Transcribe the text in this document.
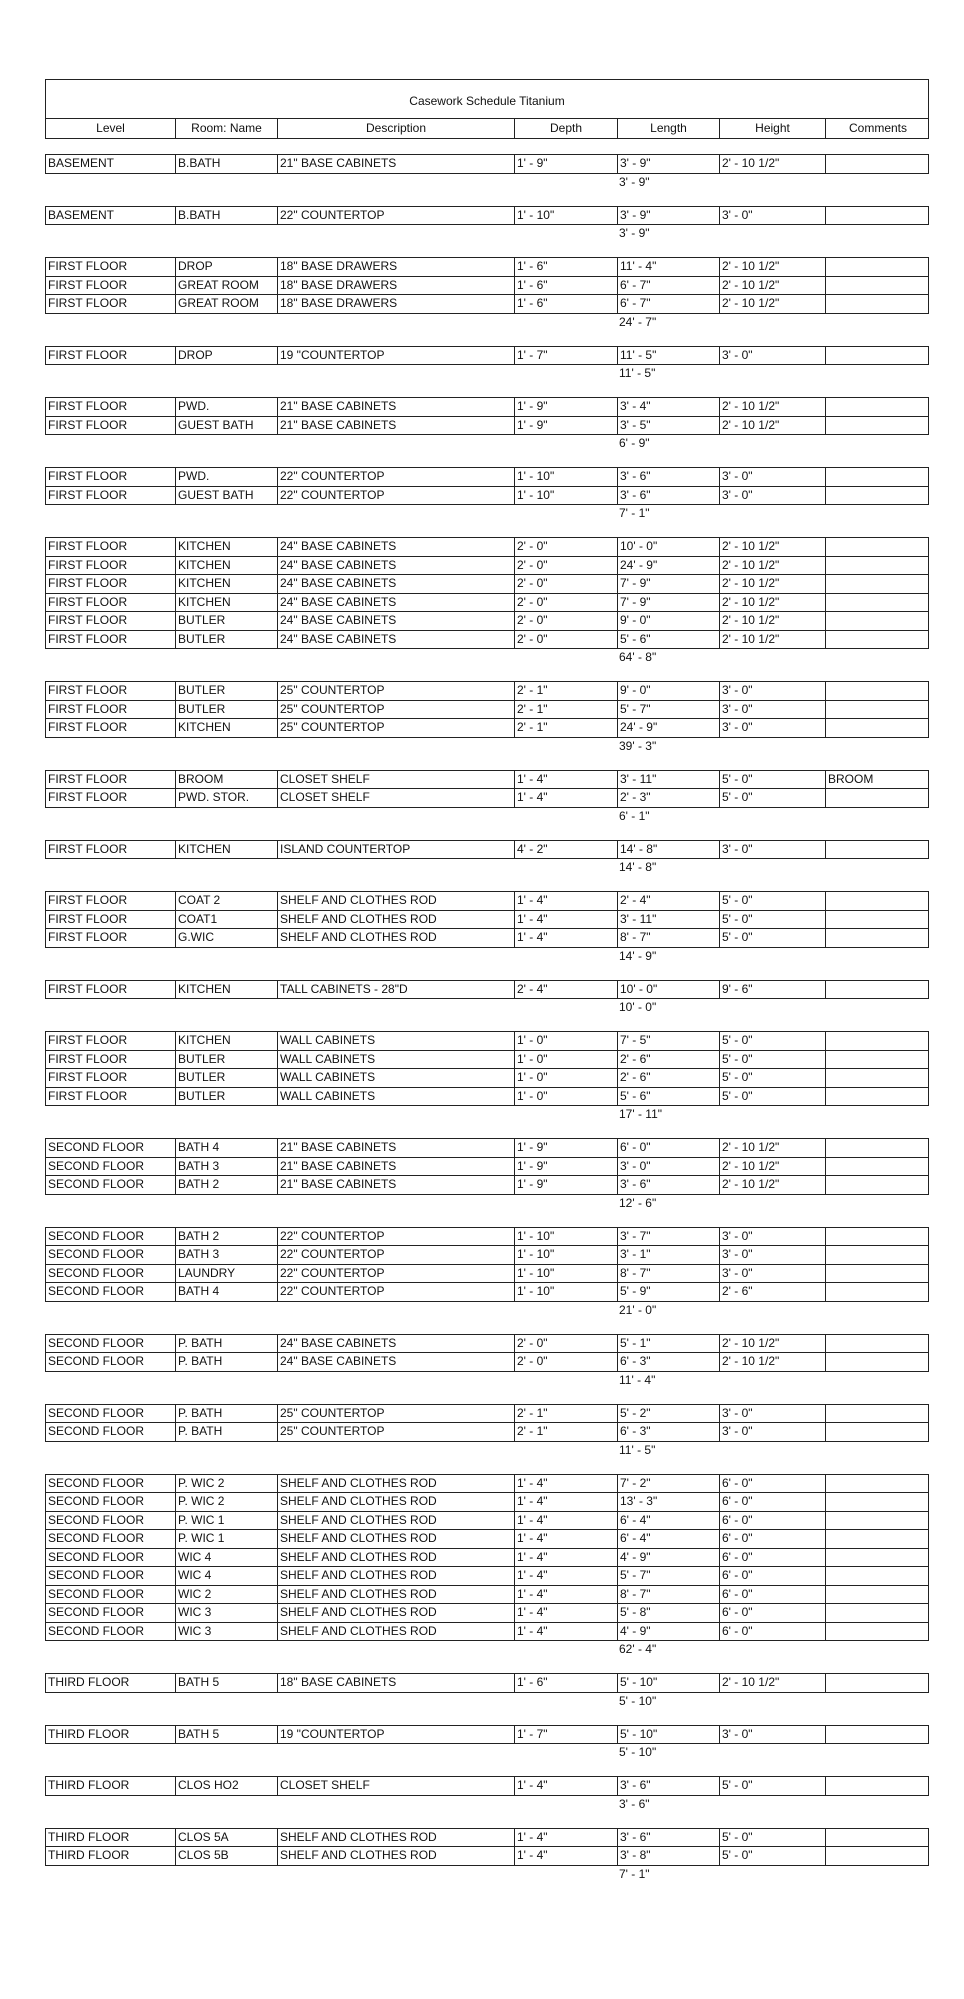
Casework Schedule Titanium
Level	Room: Name	Description	Depth	Length	Height	Comments
BASEMENT	B.BATH	21" BASE CABINETS	1' - 9"	3' - 9"	2' - 10 1/2"
3' - 9"
BASEMENT	B.BATH	22" COUNTERTOP	1' - 10"	3' - 9"	3' - 0"
3' - 9"
FIRST FLOOR	DROP	18" BASE DRAWERS	1' - 6"	11' - 4"	2' - 10 1/2"
FIRST FLOOR	GREAT ROOM	18" BASE DRAWERS	1' - 6"	6' - 7"	2' - 10 1/2"
FIRST FLOOR	GREAT ROOM	18" BASE DRAWERS	1' - 6"	6' - 7"	2' - 10 1/2"
24' - 7"
FIRST FLOOR	DROP	19 "COUNTERTOP	1' - 7"	11' - 5"	3' - 0"
11' - 5"
FIRST FLOOR	PWD.	21" BASE CABINETS	1' - 9"	3' - 4"	2' - 10 1/2"
FIRST FLOOR	GUEST BATH	21" BASE CABINETS	1' - 9"	3' - 5"	2' - 10 1/2"
6' - 9"
FIRST FLOOR	PWD.	22" COUNTERTOP	1' - 10"	3' - 6"	3' - 0"
FIRST FLOOR	GUEST BATH	22" COUNTERTOP	1' - 10"	3' - 6"	3' - 0"
7' - 1"
FIRST FLOOR	KITCHEN	24" BASE CABINETS	2' - 0"	10' - 0"	2' - 10 1/2"
FIRST FLOOR	KITCHEN	24" BASE CABINETS	2' - 0"	24' - 9"	2' - 10 1/2"
FIRST FLOOR	KITCHEN	24" BASE CABINETS	2' - 0"	7' - 9"	2' - 10 1/2"
FIRST FLOOR	KITCHEN	24" BASE CABINETS	2' - 0"	7' - 9"	2' - 10 1/2"
FIRST FLOOR	BUTLER	24" BASE CABINETS	2' - 0"	9' - 0"	2' - 10 1/2"
FIRST FLOOR	BUTLER	24" BASE CABINETS	2' - 0"	5' - 6"	2' - 10 1/2"
64' - 8"
FIRST FLOOR	BUTLER	25" COUNTERTOP	2' - 1"	9' - 0"	3' - 0"
FIRST FLOOR	BUTLER	25" COUNTERTOP	2' - 1"	5' - 7"	3' - 0"
FIRST FLOOR	KITCHEN	25" COUNTERTOP	2' - 1"	24' - 9"	3' - 0"
39' - 3"
FIRST FLOOR	BROOM	CLOSET SHELF	1' - 4"	3' - 11"	5' - 0"	BROOM
FIRST FLOOR	PWD. STOR.	CLOSET SHELF	1' - 4"	2' - 3"	5' - 0"
6' - 1"
FIRST FLOOR	KITCHEN	ISLAND COUNTERTOP	4' - 2"	14' - 8"	3' - 0"
14' - 8"
FIRST FLOOR	COAT 2	SHELF AND CLOTHES ROD	1' - 4"	2' - 4"	5' - 0"
FIRST FLOOR	COAT1	SHELF AND CLOTHES ROD	1' - 4"	3' - 11"	5' - 0"
FIRST FLOOR	G.WIC	SHELF AND CLOTHES ROD	1' - 4"	8' - 7"	5' - 0"
14' - 9"
FIRST FLOOR	KITCHEN	TALL CABINETS - 28"D	2' - 4"	10' - 0"	9' - 6"
10' - 0"
FIRST FLOOR	KITCHEN	WALL CABINETS	1' - 0"	7' - 5"	5' - 0"
FIRST FLOOR	BUTLER	WALL CABINETS	1' - 0"	2' - 6"	5' - 0"
FIRST FLOOR	BUTLER	WALL CABINETS	1' - 0"	2' - 6"	5' - 0"
FIRST FLOOR	BUTLER	WALL CABINETS	1' - 0"	5' - 6"	5' - 0"
17' - 11"
SECOND FLOOR	BATH 4	21" BASE CABINETS	1' - 9"	6' - 0"	2' - 10 1/2"
SECOND FLOOR	BATH 3	21" BASE CABINETS	1' - 9"	3' - 0"	2' - 10 1/2"
SECOND FLOOR	BATH 2	21" BASE CABINETS	1' - 9"	3' - 6"	2' - 10 1/2"
12' - 6"
SECOND FLOOR	BATH 2	22" COUNTERTOP	1' - 10"	3' - 7"	3' - 0"
SECOND FLOOR	BATH 3	22" COUNTERTOP	1' - 10"	3' - 1"	3' - 0"
SECOND FLOOR	LAUNDRY	22" COUNTERTOP	1' - 10"	8' - 7"	3' - 0"
SECOND FLOOR	BATH 4	22" COUNTERTOP	1' - 10"	5' - 9"	2' - 6"
21' - 0"
SECOND FLOOR	P. BATH	24" BASE CABINETS	2' - 0"	5' - 1"	2' - 10 1/2"
SECOND FLOOR	P. BATH	24" BASE CABINETS	2' - 0"	6' - 3"	2' - 10 1/2"
11' - 4"
SECOND FLOOR	P. BATH	25" COUNTERTOP	2' - 1"	5' - 2"	3' - 0"
SECOND FLOOR	P. BATH	25" COUNTERTOP	2' - 1"	6' - 3"	3' - 0"
11' - 5"
SECOND FLOOR	P. WIC 2	SHELF AND CLOTHES ROD	1' - 4"	7' - 2"	6' - 0"
SECOND FLOOR	P. WIC 2	SHELF AND CLOTHES ROD	1' - 4"	13' - 3"	6' - 0"
SECOND FLOOR	P. WIC 1	SHELF AND CLOTHES ROD	1' - 4"	6' - 4"	6' - 0"
SECOND FLOOR	P. WIC 1	SHELF AND CLOTHES ROD	1' - 4"	6' - 4"	6' - 0"
SECOND FLOOR	WIC 4	SHELF AND CLOTHES ROD	1' - 4"	4' - 9"	6' - 0"
SECOND FLOOR	WIC 4	SHELF AND CLOTHES ROD	1' - 4"	5' - 7"	6' - 0"
SECOND FLOOR	WIC 2	SHELF AND CLOTHES ROD	1' - 4"	8' - 7"	6' - 0"
SECOND FLOOR	WIC 3	SHELF AND CLOTHES ROD	1' - 4"	5' - 8"	6' - 0"
SECOND FLOOR	WIC 3	SHELF AND CLOTHES ROD	1' - 4"	4' - 9"	6' - 0"
62' - 4"
THIRD FLOOR	BATH 5	18" BASE CABINETS	1' - 6"	5' - 10"	2' - 10 1/2"
5' - 10"
THIRD FLOOR	BATH 5	19 "COUNTERTOP	1' - 7"	5' - 10"	3' - 0"
5' - 10"
THIRD FLOOR	CLOS HO2	CLOSET SHELF	1' - 4"	3' - 6"	5' - 0"
3' - 6"
THIRD FLOOR	CLOS 5A	SHELF AND CLOTHES ROD	1' - 4"	3' - 6"	5' - 0"
THIRD FLOOR	CLOS 5B	SHELF AND CLOTHES ROD	1' - 4"	3' - 8"	5' - 0"
7' - 1"
